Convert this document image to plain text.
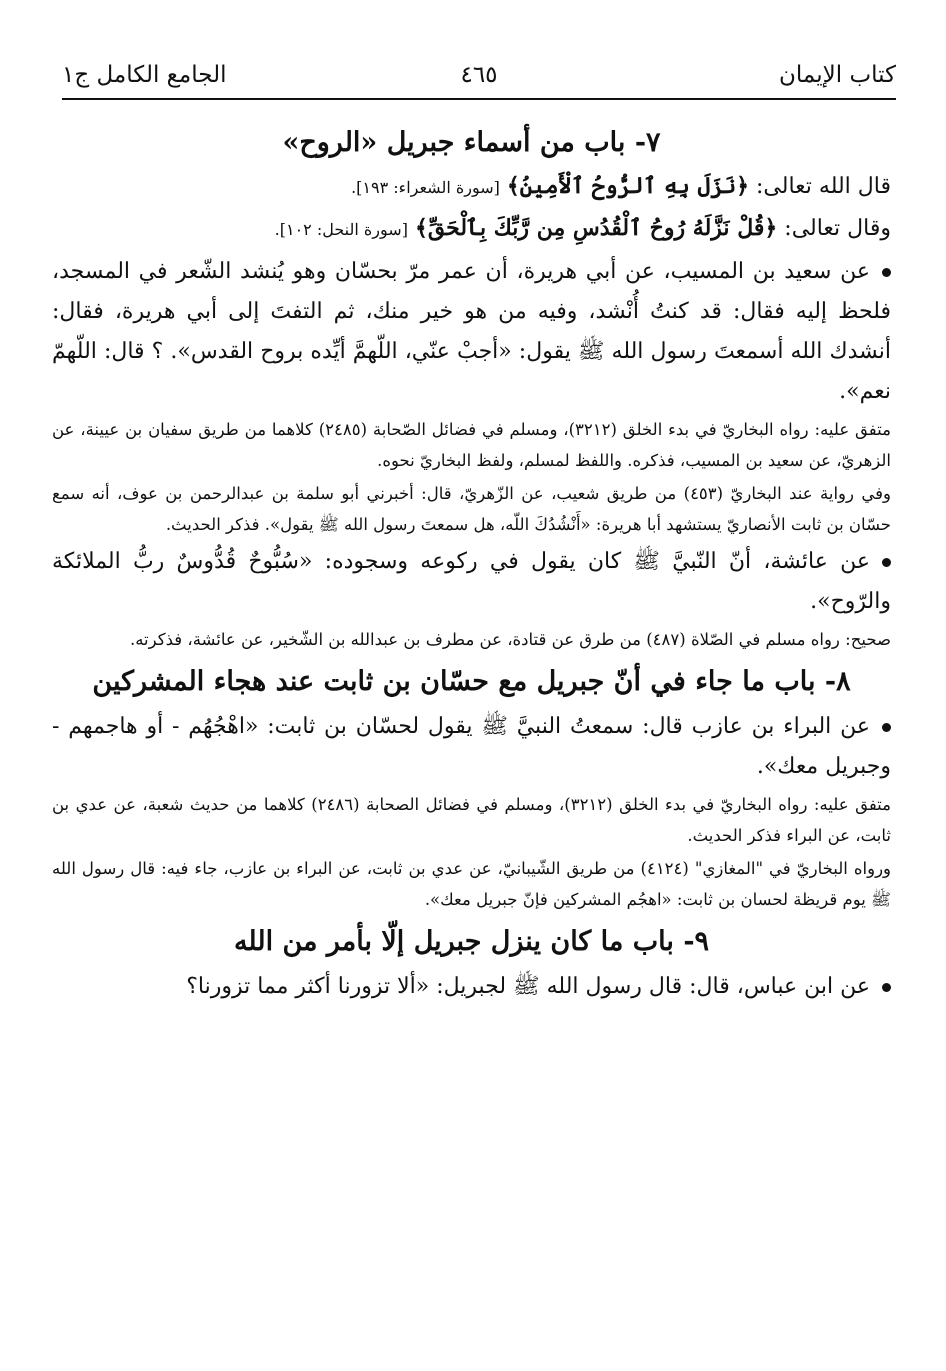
كتاب الإيمان
٤٦٥
الجامع الكامل ج١
٧- باب من أسماء جبريل «الروح»

قال الله تعالى: ﴿نَزَلَ بِهِ ٱلرُّوحُ ٱلْأَمِينُ﴾ [سورة الشعراء: ١٩٣].

وقال تعالى: ﴿قُلْ نَزَّلَهُ رُوحُ ٱلْقُدُسِ مِن رَّبِّكَ بِٱلْحَقِّ﴾ [سورة النحل: ١٠٢].

عن سعيد بن المسيب، عن أبي هريرة، أن عمر مرّ بحسّان وهو يُنشد الشّعر في المسجد، فلحظ إليه فقال: قد كنتُ أُنْشد، وفيه من هو خير منك، ثم التفتَ إلى أبي هريرة، فقال: أنشدك الله أسمعتَ رسول الله ﷺ يقول: «أجبْ عنّي، اللّهمَّ أيِّده بروح القدس». ؟ قال: اللّهمّ نعم».

متفق عليه: رواه البخاريّ في بدء الخلق (٣٢١٢)، ومسلم في فضائل الصّحابة (٢٤٨٥) كلاهما من طريق سفيان بن عيينة، عن الزهريّ، عن سعيد بن المسيب، فذكره. واللفظ لمسلم، ولفظ البخاريّ نحوه.

وفي رواية عند البخاريّ (٤٥٣) من طريق شعيب، عن الزّهريّ، قال: أخبرني أبو سلمة بن عبدالرحمن بن عوف، أنه سمع حسّان بن ثابت الأنصاريّ يستشهد أبا هريرة: «أَنْشُدُكَ اللّه، هل سمعتَ رسول الله ﷺ يقول». فذكر الحديث.

عن عائشة، أنّ النّبيَّ ﷺ كان يقول في ركوعه وسجوده: «سُبُّوحٌ قُدُّوسٌ ربُّ الملائكة والرّوح».

صحيح: رواه مسلم في الصّلاة (٤٨٧) من طرق عن قتادة، عن مطرف بن عبدالله بن الشّخير، عن عائشة، فذكرته.

٨- باب ما جاء في أنّ جبريل مع حسّان بن ثابت عند هجاء المشركين

عن البراء بن عازب قال: سمعتُ النبيَّ ﷺ يقول لحسّان بن ثابت: «اهْجُهُم - أو هاجمهم - وجبريل معك».

متفق عليه: رواه البخاريّ في بدء الخلق (٣٢١٢)، ومسلم في فضائل الصحابة (٢٤٨٦) كلاهما من حديث شعبة، عن عدي بن ثابت، عن البراء فذكر الحديث.

ورواه البخاريّ في "المغازي" (٤١٢٤) من طريق الشّيبانيّ، عن عدي بن ثابت، عن البراء بن عازب، جاء فيه: قال رسول الله ﷺ يوم قريظة لحسان بن ثابت: «اهجُم المشركين فإنّ جبريل معك».

٩- باب ما كان ينزل جبريل إلّا بأمر من الله

عن ابن عباس، قال: قال رسول الله ﷺ لجبريل: «ألا تزورنا أكثر مما تزورنا؟
